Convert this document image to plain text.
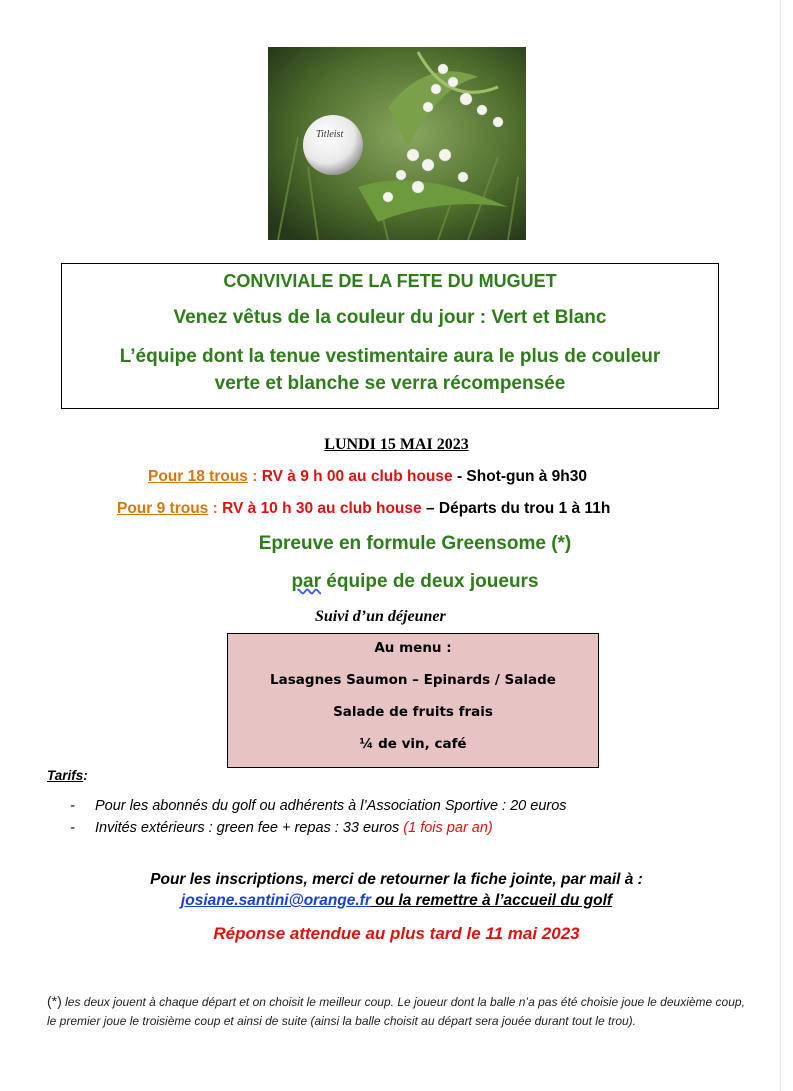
Titleist
CONVIVIALE DE LA FETE DU MUGUET
Venez vêtus de la couleur du jour : Vert et Blanc
L’équipe dont la tenue vestimentaire aura le plus de couleur
verte et blanche se verra récompensée
LUNDI 15 MAI 2023
Pour 18 trous : RV à 9 h 00 au club house - Shot-gun à 9h30
Pour 9 trous : RV à 10 h 30 au club house – Départs du trou 1 à 11h
Epreuve en formule Greensome (*)
par équipe de deux joueurs
Suivi d’un déjeuner
Au menu :
Lasagnes Saumon – Epinards / Salade
Salade de fruits frais
¼ de vin, café
Tarifs:
- Pour les abonnés du golf ou adhérents à l’Association Sportive : 20 euros
- Invités extérieurs : green fee + repas : 33 euros (1 fois par an)
Pour les inscriptions, merci de retourner la fiche jointe, par mail à :
josiane.santini@orange.fr ou la remettre à l’accueil du golf
Réponse attendue au plus tard le 11 mai 2023
(*) les deux jouent à chaque départ et on choisit le meilleur coup. Le joueur dont la balle n’a pas été choisie joue le deuxième coup, le premier joue le troisième coup et ainsi de suite (ainsi la balle choisit au départ sera jouée durant tout le trou).
